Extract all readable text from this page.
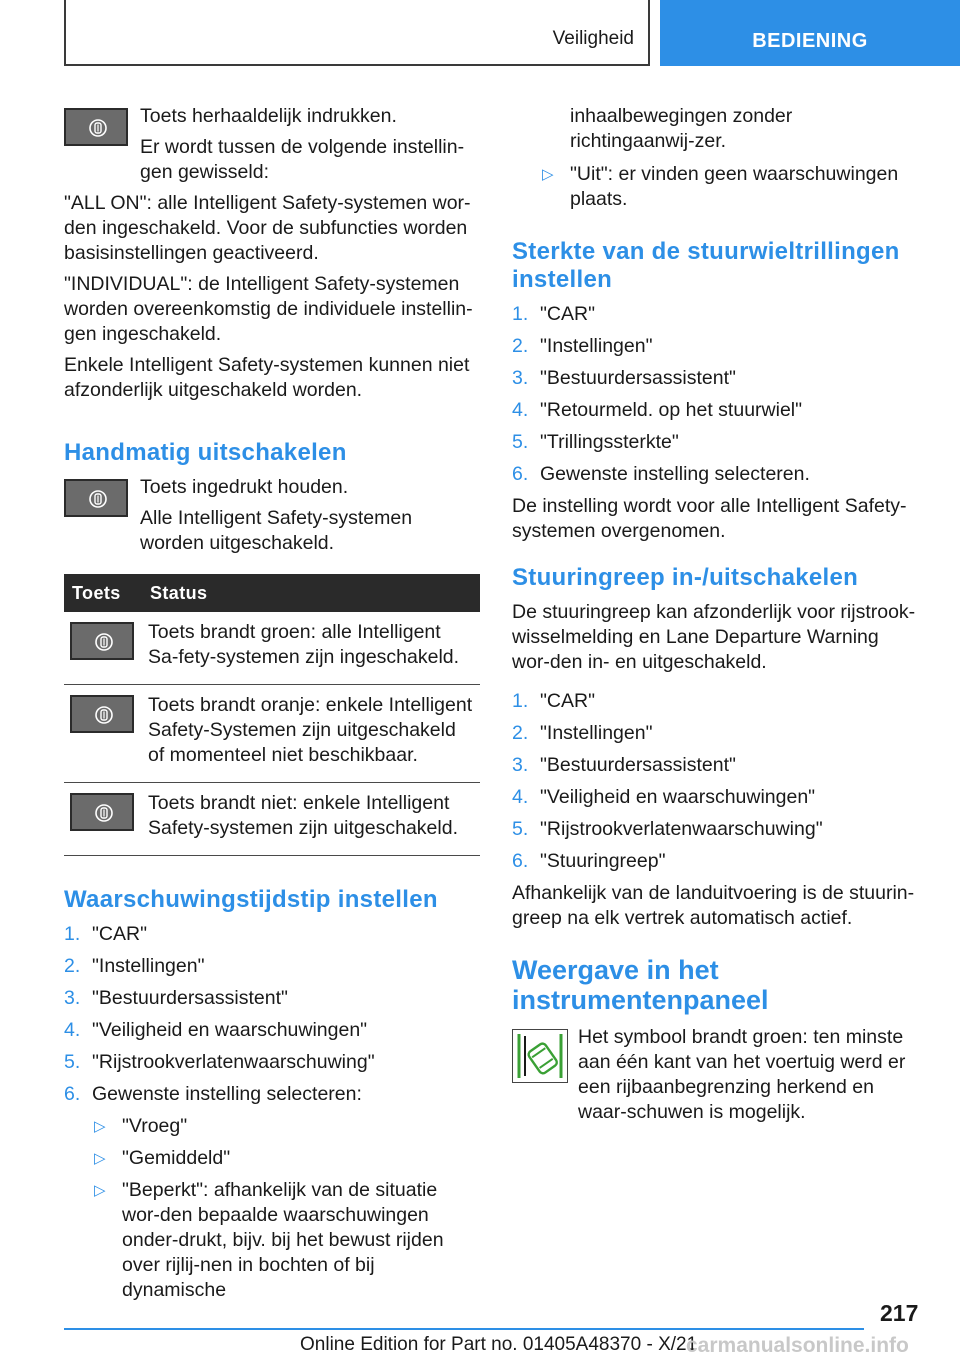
Veiligheid	BEDIENING

Toets herhaaldelijk indrukken.

Er wordt tussen de volgende instellin-gen gewisseld:

"ALL ON": alle Intelligent Safety-systemen wor-den ingeschakeld. Voor de subfuncties worden basisinstellingen geactiveerd.

"INDIVIDUAL": de Intelligent Safety-systemen worden overeenkomstig de individuele instellin-gen ingeschakeld.

Enkele Intelligent Safety-systemen kunnen niet afzonderlijk uitgeschakeld worden.

Handmatig uitschakelen

Toets ingedrukt houden.

Alle Intelligent Safety-systemen worden uitgeschakeld.

Toets	Status

	Toets brandt groen: alle Intelligent Sa-fety-systemen zijn ingeschakeld.

	Toets brandt oranje: enkele Intelligent Safety-Systemen zijn uitgeschakeld of momenteel niet beschikbaar.

	Toets brandt niet: enkele Intelligent Safety-systemen zijn uitgeschakeld.
Waarschuwingstijdstip instellen
1. "CAR"
2. "Instellingen"
3. "Bestuurdersassistent"
4. "Veiligheid en waarschuwingen"
5. "Rijstrookverlatenwaarschuwing"
6. Gewenste instelling selecteren:
▷ "Vroeg"
▷ "Gemiddeld"
▷ "Beperkt": afhankelijk van de situatie wor-den bepaalde waarschuwingen onder-drukt, bijv. bij het bewust rijden over rijlij-nen in bochten of bij dynamische

inhaalbewegingen zonder richtingaanwij-zer.

▷ "Uit": er vinden geen waarschuwingen plaats.
Sterkte van de stuurwieltrillingen instellen
1. "CAR"
2. "Instellingen"
3. "Bestuurdersassistent"
4. "Retourmeld. op het stuurwiel"
5. "Trillingssterkte"
6. Gewenste instelling selecteren.

De instelling wordt voor alle Intelligent Safety-systemen overgenomen.

Stuuringreep in-/uitschakelen

De stuuringreep kan afzonderlijk voor rijstrook-wisselmelding en Lane Departure Warning wor-den in- en uitgeschakeld.

1. "CAR"
2. "Instellingen"
3. "Bestuurdersassistent"
4. "Veiligheid en waarschuwingen"
5. "Rijstrookverlatenwaarschuwing"
6. "Stuuringreep"

Afhankelijk van de landuitvoering is de stuurin-greep na elk vertrek automatisch actief.

Weergave in het instrumentenpaneel

Het symbool brandt groen: ten minste aan één kant van het voertuig werd er een rijbaanbegrenzing herkend en waar-schuwen is mogelijk.

217
Online Edition for Part no. 01405A48370 - X/21
carmanualsonline.info
